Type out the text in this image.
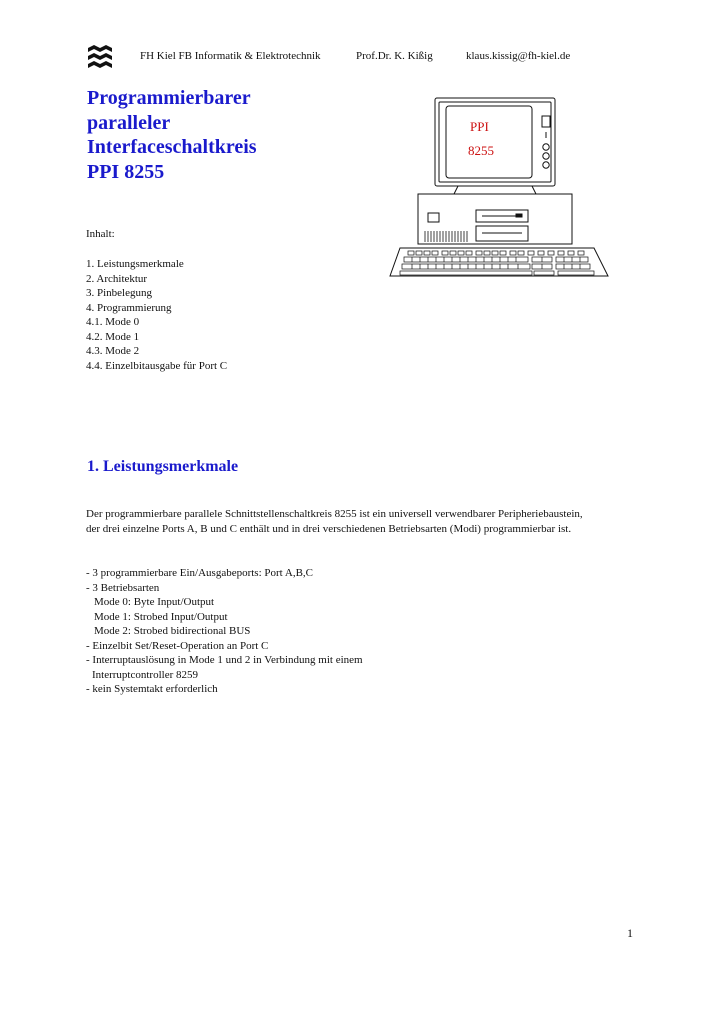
FH Kiel FB Informatik & Elektrotechnik	Prof.Dr. K. Kißig	klaus.kissig@fh-kiel.de
Programmierbarer
paralleler
Interfaceschaltkreis
PPI 8255
PPI
8255
Inhalt:
1. Leistungsmerkmale
2. Architektur
3. Pinbelegung
4. Programmierung
4.1. Mode 0
4.2. Mode 1
4.3. Mode 2
4.4. Einzelbitausgabe für Port C
1. Leistungsmerkmale
Der programmierbare parallele Schnittstellenschaltkreis 8255 ist ein universell verwendbarer Peripheriebaustein,
der drei einzelne Ports A, B und C enthält und in drei verschiedenen Betriebsarten (Modi) programmierbar ist.
- 3 programmierbare Ein/Ausgabeports: Port A,B,C
- 3 Betriebsarten
Mode 0: Byte Input/Output
Mode 1: Strobed Input/Output
Mode 2: Strobed bidirectional BUS
- Einzelbit Set/Reset-Operation an Port C
- Interruptauslösung in Mode 1 und 2 in Verbindung mit einem
Interruptcontroller 8259
- kein Systemtakt erforderlich
1
